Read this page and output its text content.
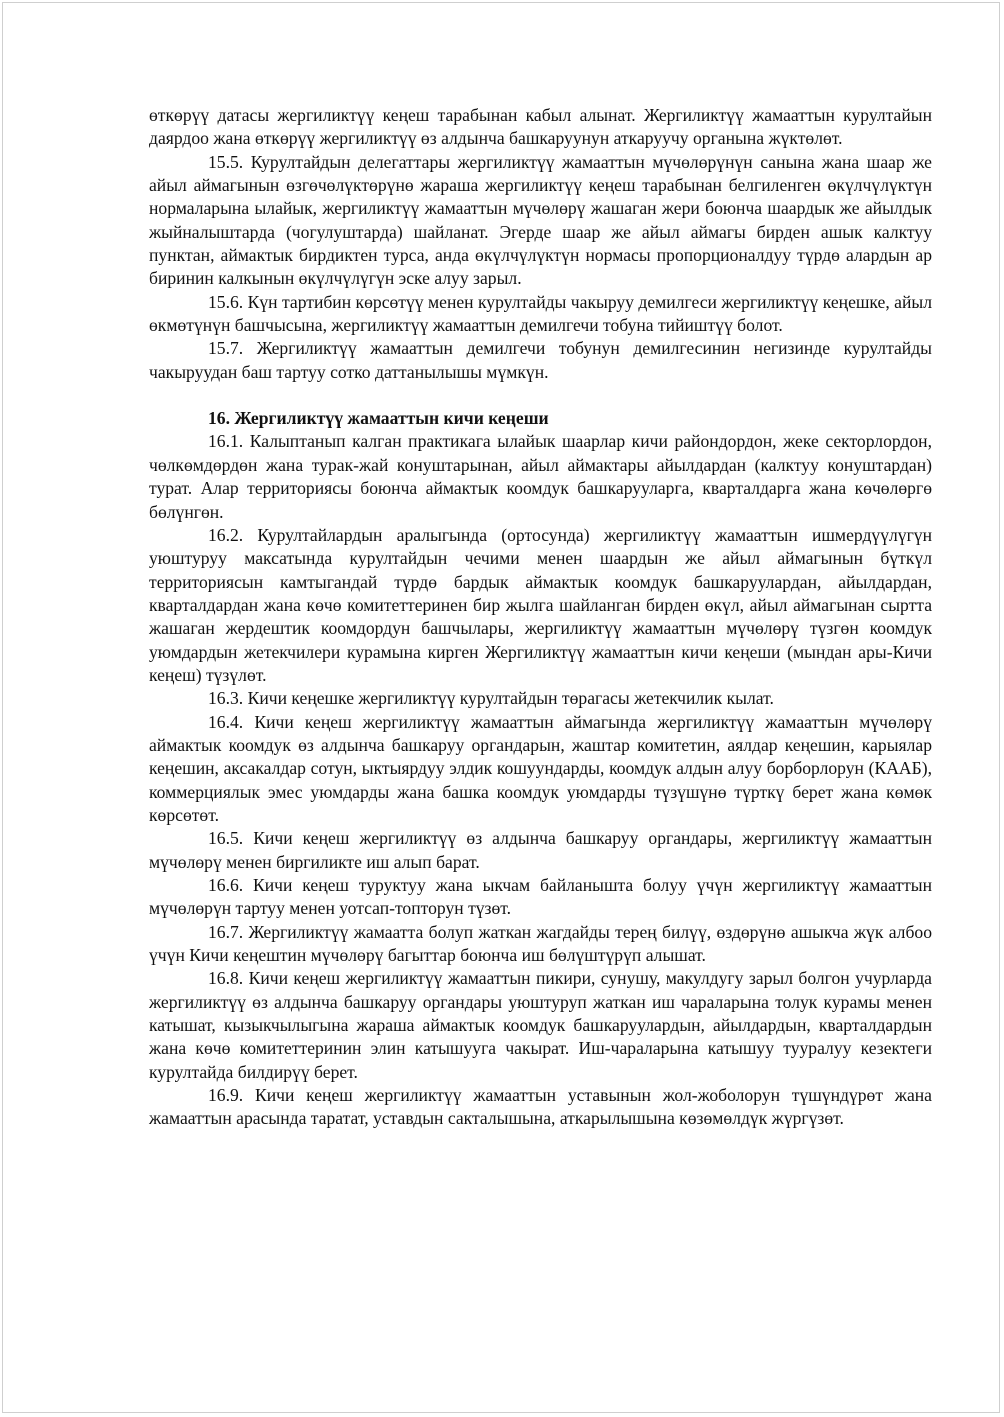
өткөрүү датасы жергиликтүү кеңеш тарабынан кабыл алынат. Жергиликтүү жамааттын курултайын даярдоо жана өткөрүү жергиликтүү өз алдынча башкаруунун аткаруучу органына жүктөлөт.

15.5. Курултайдын делегаттары жергиликтүү жамааттын мүчөлөрүнүн санына жана шаар же айыл аймагынын өзгөчөлүктөрүнө жараша жергиликтүү кеңеш тарабынан белгиленген өкүлчүлүктүн нормаларына ылайык, жергиликтүү жамааттын мүчөлөрү жашаган жери боюнча шаардык же айылдык жыйналыштарда (чогулуштарда) шайланат. Эгерде шаар же айыл аймагы бирден ашык калктуу пунктан, аймактык бирдиктен турса, анда өкүлчүлүктүн нормасы пропорционалдуу түрдө алардын ар биринин калкынын өкүлчүлүгүн эске алуу зарыл.

15.6. Күн тартибин көрсөтүү менен курултайды чакыруу демилгеси жергиликтүү кеңешке, айыл өкмөтүнүн башчысына, жергиликтүү жамааттын демилгечи тобуна тийиштүү болот.

15.7. Жергиликтүү жамааттын демилгечи тобунун демилгесинин негизинде курултайды чакыруудан баш тартуу сотко даттанылышы мүмкүн.

16. Жергиликтүү жамааттын кичи кеңеши

16.1. Калыптанып калган практикага ылайык шаарлар кичи райондордон, жеке секторлордон, чөлкөмдөрдөн жана турак-жай конуштарынан, айыл аймактары айылдардан (калктуу конуштардан) турат. Алар территориясы боюнча аймактык коомдук башкарууларга, кварталдарга жана көчөлөргө бөлүнгөн.

16.2. Курултайлардын аралыгында (ортосунда) жергиликтүү жамааттын ишмердүүлүгүн уюштуруу максатында курултайдын чечими менен шаардын же айыл аймагынын бүткүл территориясын камтыгандай түрдө бардык аймактык коомдук башкаруулардан, айылдардан, кварталдардан жана көчө комитеттеринен бир жылга шайланган бирден өкүл, айыл аймагынан сыртта жашаган жердештик коомдордун башчылары, жергиликтүү жамааттын мүчөлөрү түзгөн коомдук уюмдардын жетекчилери курамына кирген Жергиликтүү жамааттын кичи кеңеши (мындан ары-Кичи кеңеш) түзүлөт.

16.3. Кичи кеңешке жергиликтүү курултайдын төрагасы жетекчилик кылат.

16.4. Кичи кеңеш жергиликтүү жамааттын аймагында жергиликтүү жамааттын мүчөлөрү аймактык коомдук өз алдынча башкаруу органдарын, жаштар комитетин, аялдар кеңешин, карыялар кеңешин, аксакалдар сотун, ыктыярдуу элдик кошуундарды, коомдук алдын алуу борборлорун (КААБ), коммерциялык эмес уюмдарды жана башка коомдук уюмдарды түзүшүнө түрткү берет жана көмөк көрсөтөт.

16.5. Кичи кеңеш жергиликтүү өз алдынча башкаруу органдары, жергиликтүү жамааттын мүчөлөрү менен биргиликте иш алып барат.

16.6. Кичи кеңеш туруктуу жана ыкчам байланышта болуу үчүн жергиликтүү жамааттын мүчөлөрүн тартуу менен уотсап-топторун түзөт.

16.7. Жергиликтүү жамаатта болуп жаткан жагдайды терең билүү, өздөрүнө ашыкча жүк албоо үчүн Кичи кеңештин мүчөлөрү багыттар боюнча иш бөлүштүрүп алышат.

16.8. Кичи кеңеш жергиликтүү жамааттын пикири, сунушу, макулдугу зарыл болгон учурларда жергиликтүү өз алдынча башкаруу органдары уюштуруп жаткан иш чараларына толук курамы менен катышат, кызыкчылыгына жараша аймактык коомдук башкаруулардын, айылдардын, кварталдардын жана көчө комитеттеринин элин катышууга чакырат. Иш-чараларына катышуу тууралуу кезектеги курултайда билдирүү берет.

16.9. Кичи кеңеш жергиликтүү жамааттын уставынын жол-жоболорун түшүндүрөт жана жамааттын арасында таратат, уставдын сакталышына, аткарылышына көзөмөлдүк жүргүзөт.
